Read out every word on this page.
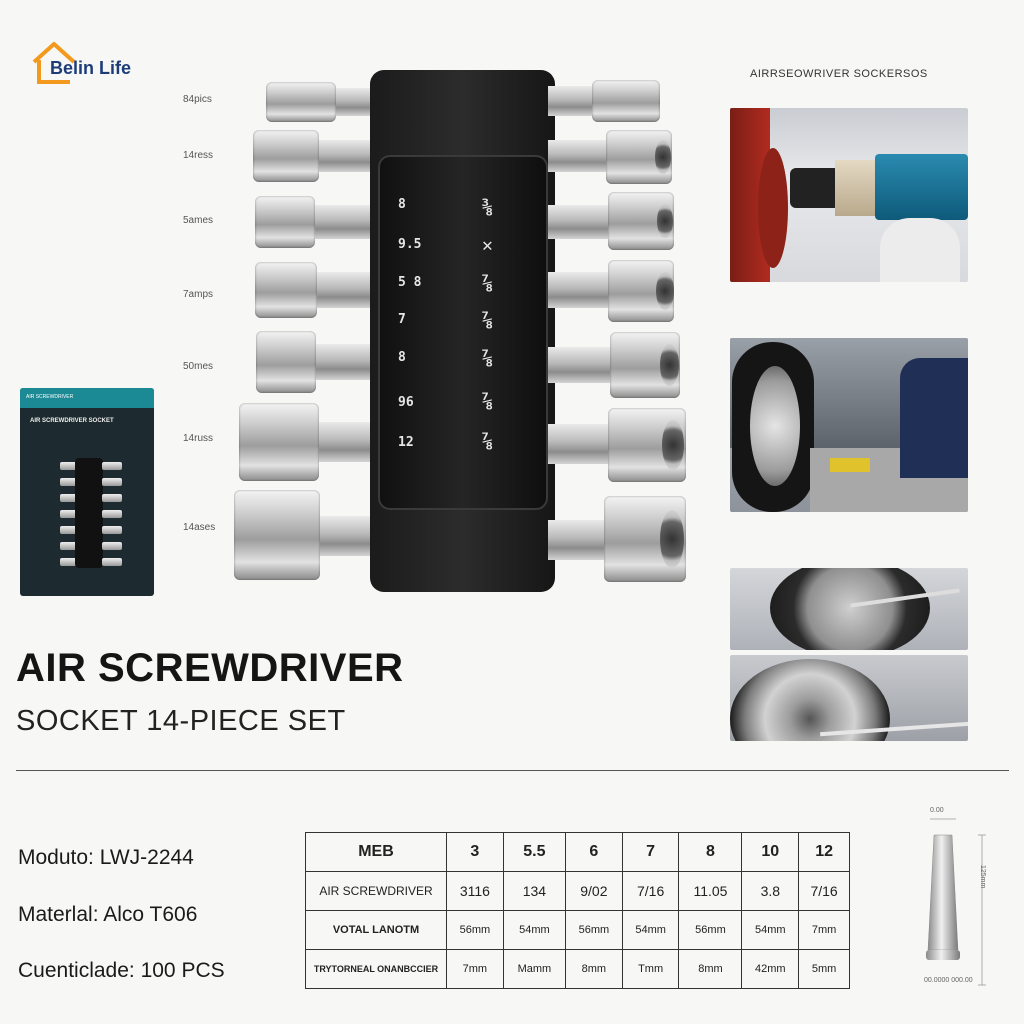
Belin Life
84pics
14ress
5ames
7amps
50mes
14russ
14ases
8
9.5
5 8
7
8
96
12
⅜
✕
⅞
⅞
⅞
⅞
⅞
AIR SCREWDRIVER
AIR SCREWDRIVER SOCKET
AIRRSEOWRIVER SOCKERSOS
AIR SCREWDRIVER
SOCKET 14-PIECE SET
Moduto: LWJ-2244
Materlal: Alco T606
Cuenticlade: 100 PCS
MEB	3	5.5	6	7	8	10	12
AIR SCREWDRIVER	3116	134	9/02	7/16	11.05	3.8	7/16
VOTAL LANOTM	56mm	54mm	56mm	54mm	56mm	54mm	7mm
TRYTORNEAL ONANBCCIER	7mm	Mamm	8mm	Tmm	8mm	42mm	5mm
0.00
125mm
00.0000 000.00
